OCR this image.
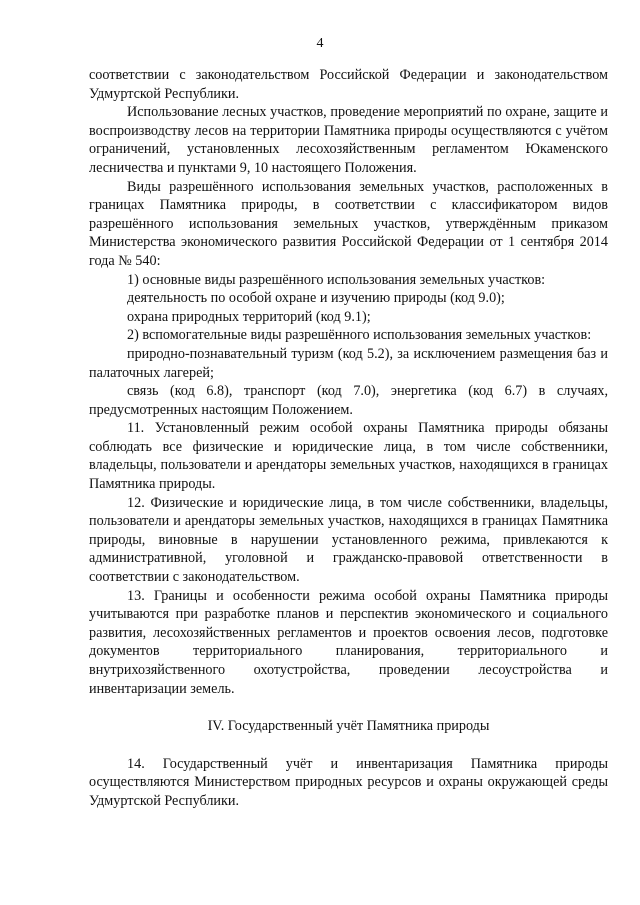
4

соответствии с законодательством Российской Федерации и законодательством Удмуртской Республики.

Использование лесных участков, проведение мероприятий по охране, защите и воспроизводству лесов на территории Памятника природы осуществляются с учётом ограничений, установленных лесохозяйственным регламентом Юкаменского лесничества и пунктами 9, 10 настоящего Положения.

Виды разрешённого использования земельных участков, расположенных в границах Памятника природы, в соответствии с классификатором видов разрешённого использования земельных участков, утверждённым приказом Министерства экономического развития Российской Федерации от 1 сентября 2014 года № 540:

1) основные виды разрешённого использования земельных участков:

деятельность по особой охране и изучению природы (код 9.0);

охрана природных территорий (код 9.1);

2) вспомогательные виды разрешённого использования земельных участков:

природно-познавательный туризм (код 5.2), за исключением размещения баз и палаточных лагерей;

связь (код 6.8), транспорт (код 7.0), энергетика (код 6.7) в случаях, предусмотренных настоящим Положением.

11. Установленный режим особой охраны Памятника природы обязаны соблюдать все физические и юридические лица, в том числе собственники, владельцы, пользователи и арендаторы земельных участков, находящихся в границах Памятника природы.

12. Физические и юридические лица, в том числе собственники, владельцы, пользователи и арендаторы земельных участков, находящихся в границах Памятника природы, виновные в нарушении установленного режима, привлекаются к административной, уголовной и гражданско-правовой ответственности в соответствии с законодательством.

13. Границы и особенности режима особой охраны Памятника природы учитываются при разработке планов и перспектив экономического и социального развития, лесохозяйственных регламентов и проектов освоения лесов, подготовке документов территориального планирования, территориального и внутрихозяйственного охотустройства, проведении лесоустройства и инвентаризации земель.

IV. Государственный учёт Памятника природы

14. Государственный учёт и инвентаризация Памятника природы осуществляются Министерством природных ресурсов и охраны окружающей среды Удмуртской Республики.
